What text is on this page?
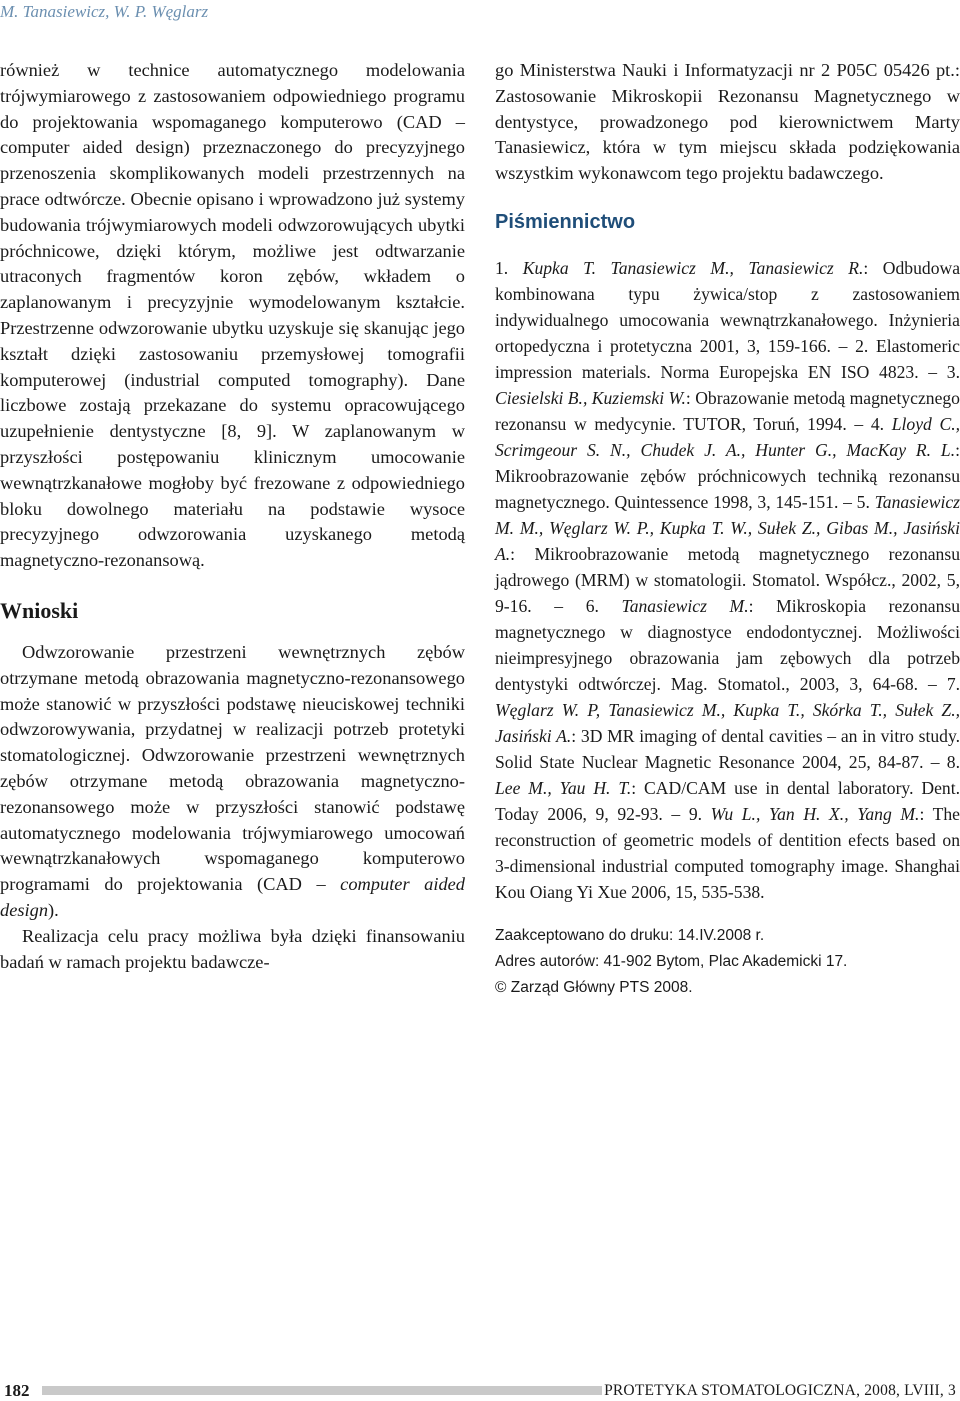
M. Tanasiewicz, W. P. Węglarz

również w technice automatycznego modelowania trójwymiarowego z zastosowaniem odpowiedniego programu do projektowania wspomaganego komputerowo (CAD – computer aided design) przeznaczonego do precyzyjnego przenoszenia skomplikowanych modeli przestrzennych na prace odtwórcze. Obecnie opisano i wprowadzono już systemy budowania trójwymiarowych modeli odwzorowujących ubytki próchnicowe, dzięki którym, możliwe jest odtwarzanie utraconych fragmentów koron zębów, wkładem o zaplanowanym i precyzyjnie wymodelowanym kształcie. Przestrzenne odwzorowanie ubytku uzyskuje się skanując jego kształt dzięki zastosowaniu przemysłowej tomografii komputerowej (industrial computed tomography). Dane liczbowe zostają przekazane do systemu opracowującego uzupełnienie dentystyczne [8, 9]. W zaplanowanym w przyszłości postępowaniu klinicznym umocowanie wewnątrzkanałowe mogłoby być frezowane z odpowiedniego bloku dowolnego materiału na podstawie wysoce precyzyjnego odwzorowania uzyskanego metodą magnetyczno-rezonansową.

Wnioski

Odwzorowanie przestrzeni wewnętrznych zębów otrzymane metodą obrazowania magnetyczno-rezonansowego może stanowić w przyszłości podstawę nieuciskowej techniki odwzorowywania, przydatnej w realizacji potrzeb protetyki stomatologicznej. Odwzorowanie przestrzeni wewnętrznych zębów otrzymane metodą obrazowania magnetyczno-rezonansowego może w przyszłości stanowić podstawę automatycznego modelowania trójwymiarowego umocowań wewnątrzkanałowych wspomaganego komputerowo programami do projektowania (CAD – computer aided design).

Realizacja celu pracy możliwa była dzięki finansowaniu badań w ramach projektu badawcze-

go Ministerstwa Nauki i Informatyzacji nr 2 P05C 05426 pt.: Zastosowanie Mikroskopii Rezonansu Magnetycznego w dentystyce, prowadzonego pod kierownictwem Marty Tanasiewicz, która w tym miejscu składa podziękowania wszystkim wykonawcom tego projektu badawczego.

Piśmiennictwo

1. Kupka T. Tanasiewicz M., Tanasiewicz R.: Odbudowa kombinowana typu żywica/stop z zastosowaniem indywidualnego umocowania wewnątrzkanałowego. Inżynieria ortopedyczna i protetyczna 2001, 3, 159-166. – 2. Elastomeric impression materials. Norma Europejska EN ISO 4823. – 3. Ciesielski B., Kuziemski W.: Obrazowanie metodą magnetycznego rezonansu w medycynie. TUTOR, Toruń, 1994. – 4. Lloyd C., Scrimgeour S. N., Chudek J. A., Hunter G., MacKay R. L.: Mikroobrazowanie zębów próchnicowych techniką rezonansu magnetycznego. Quintessence 1998, 3, 145-151. – 5. Tanasiewicz M. M., Węglarz W. P., Kupka T. W., Sułek Z., Gibas M., Jasiński A.: Mikroobrazowanie metodą magnetycznego rezonansu jądrowego (MRM) w stomatologii. Stomatol. Współcz., 2002, 5, 9-16. – 6. Tanasiewicz M.: Mikroskopia rezonansu magnetycznego w diagnostyce endodontycznej. Możliwości nieimpresyjnego obrazowania jam zębowych dla potrzeb dentystyki odtwórczej. Mag. Stomatol., 2003, 3, 64-68. – 7. Węglarz W. P, Tanasiewicz M., Kupka T., Skórka T., Sułek Z., Jasiński A.: 3D MR imaging of dental cavities – an in vitro study. Solid State Nuclear Magnetic Resonance 2004, 25, 84-87. – 8. Lee M., Yau H. T.: CAD/CAM use in dental laboratory. Dent. Today 2006, 9, 92-93. – 9. Wu L., Yan H. X., Yang M.: The reconstruction of geometric models of dentition efects based on 3-dimensional industrial computed tomography image. Shanghai Kou Oiang Yi Xue 2006, 15, 535-538.

Zaakceptowano do druku: 14.IV.2008 r.

Adres autorów: 41-902 Bytom, Plac Akademicki 17.

© Zarząd Główny PTS 2008.

182	PROTETYKA STOMATOLOGICZNA, 2008, LVIII, 3
